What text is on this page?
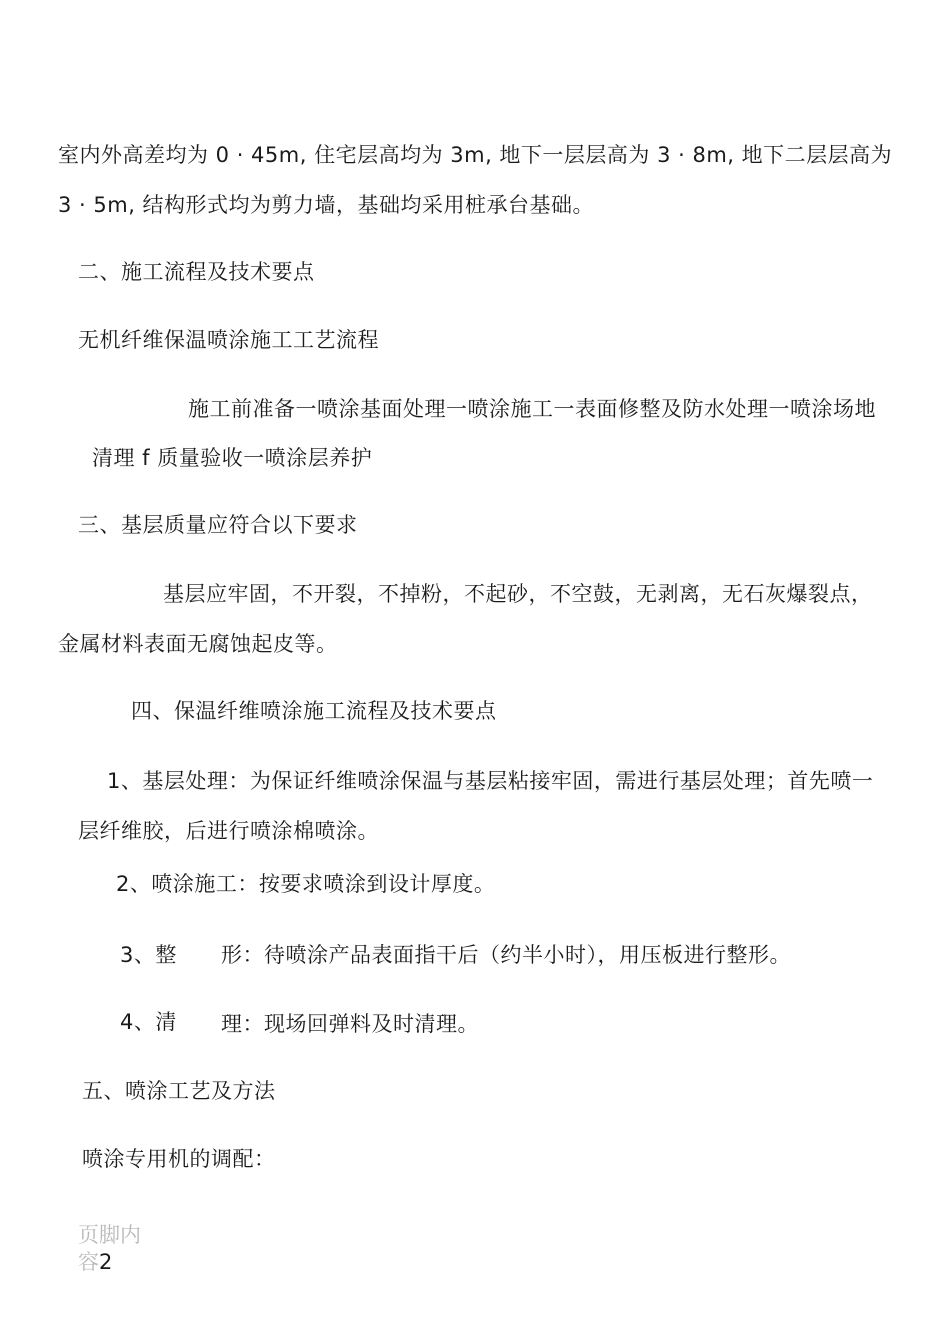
室内外高差均为 0 · 45m, 住宅层高均为 3m, 地下一层层高为 3 · 8m, 地下二层层高为
3 · 5m, 结构形式均为剪力墙，基础均采用桩承台基础。
二、施工流程及技术要点
无机纤维保温喷涂施工工艺流程
施工前准备一喷涂基面处理一喷涂施工一表面修整及防水处理一喷涂场地
清理 f 质量验收一喷涂层养护
三、基层质量应符合以下要求
基层应牢固，不开裂，不掉粉，不起砂，不空鼓，无剥离，无石灰爆裂点，
金属材料表面无腐蚀起皮等。
四、保温纤维喷涂施工流程及技术要点
1、基层处理：为保证纤维喷涂保温与基层粘接牢固，需进行基层处理；首先喷一
层纤维胶，后进行喷涂棉喷涂。
2、喷涂施工：按要求喷涂到设计厚度。
3、整 形：待喷涂产品表面指干后（约半小时），用压板进行整形。
4、清 理：现场回弹料及时清理。
五、喷涂工艺及方法
喷涂专用机的调配：
页脚内
容2
